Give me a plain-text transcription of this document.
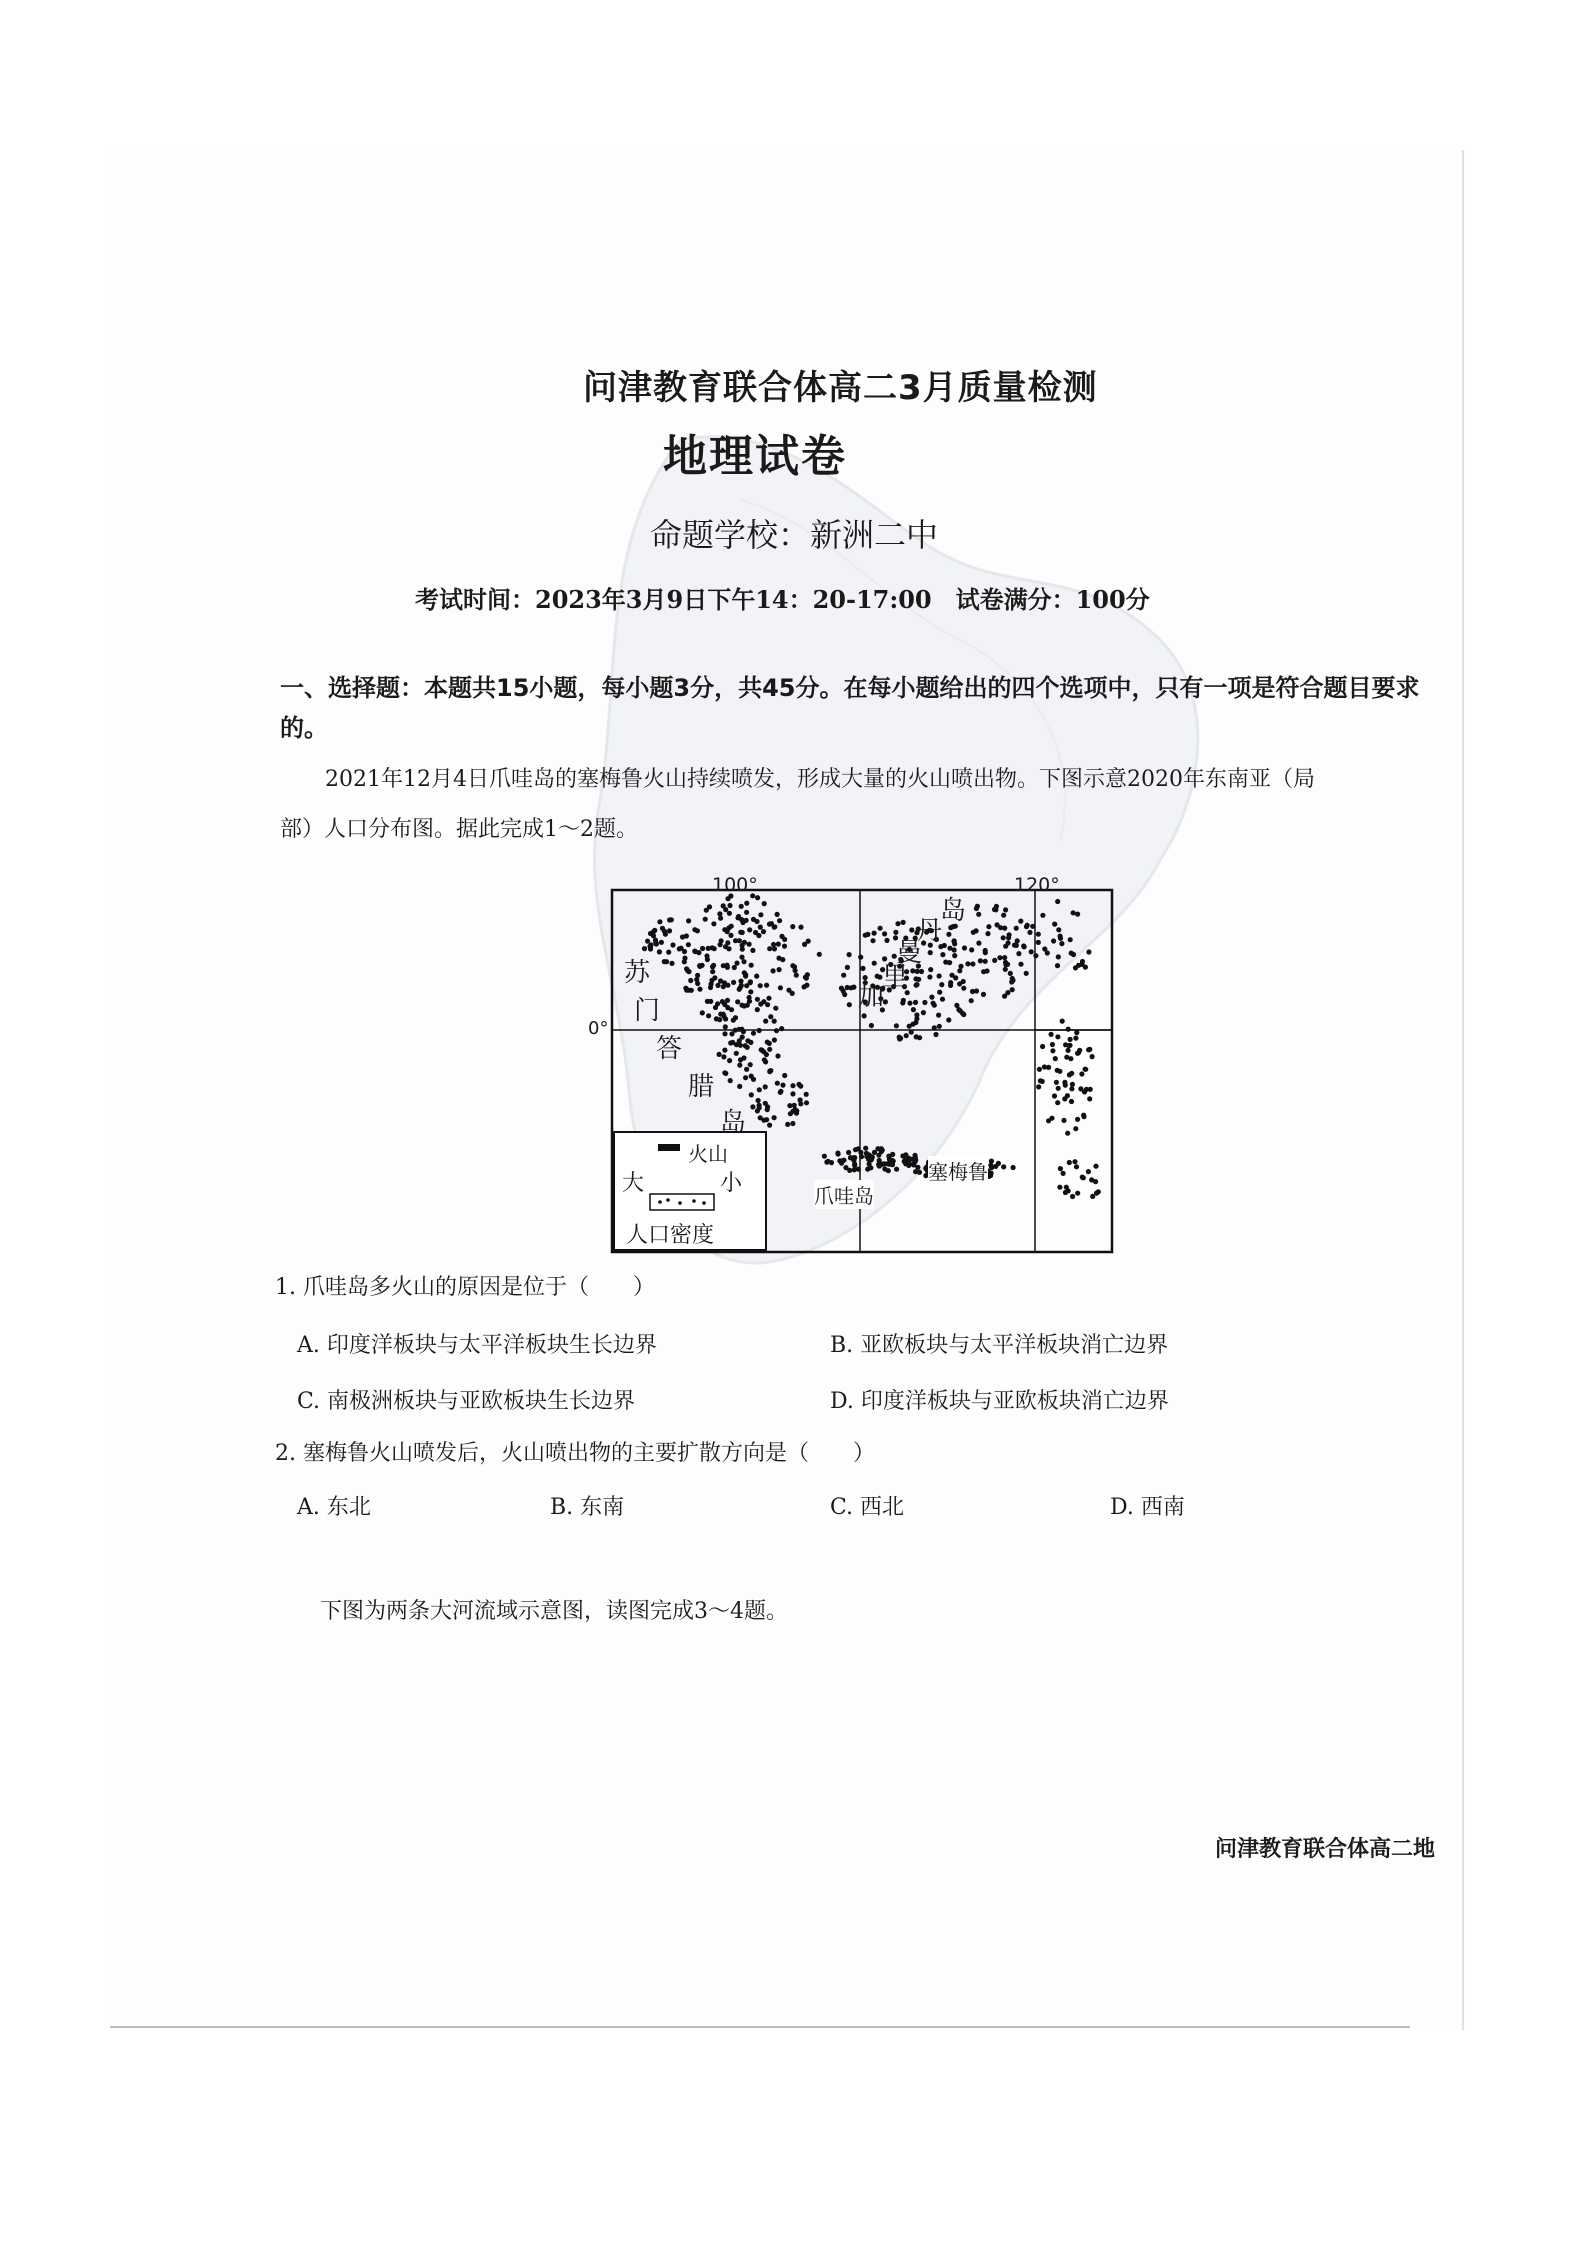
问津教育联合体高二3月质量检测
地理试卷
命题学校：新洲二中
考试时间：2023年3月9日下午14：20-17:00　试卷满分：100分
一、选择题：本题共15小题，每小题3分，共45分。在每小题给出的四个选项中，只有一项是符合题目要求
的。
2021年12月4日爪哇岛的塞梅鲁火山持续喷发，形成大量的火山喷出物。下图示意2020年东南亚（局
部）人口分布图。据此完成1～2题。
100°	120°
0°
苏
门
答
腊
岛
加
里
曼
丹
岛
爪哇岛
塞梅鲁
火山
大	小
人口密度
1. 爪哇岛多火山的原因是位于（　　）
A. 印度洋板块与太平洋板块生长边界	B. 亚欧板块与太平洋板块消亡边界
C. 南极洲板块与亚欧板块生长边界	D. 印度洋板块与亚欧板块消亡边界
2. 塞梅鲁火山喷发后，火山喷出物的主要扩散方向是（　　）
A. 东北	B. 东南	C. 西北	D. 西南
下图为两条大河流域示意图，读图完成3～4题。
问津教育联合体高二地
